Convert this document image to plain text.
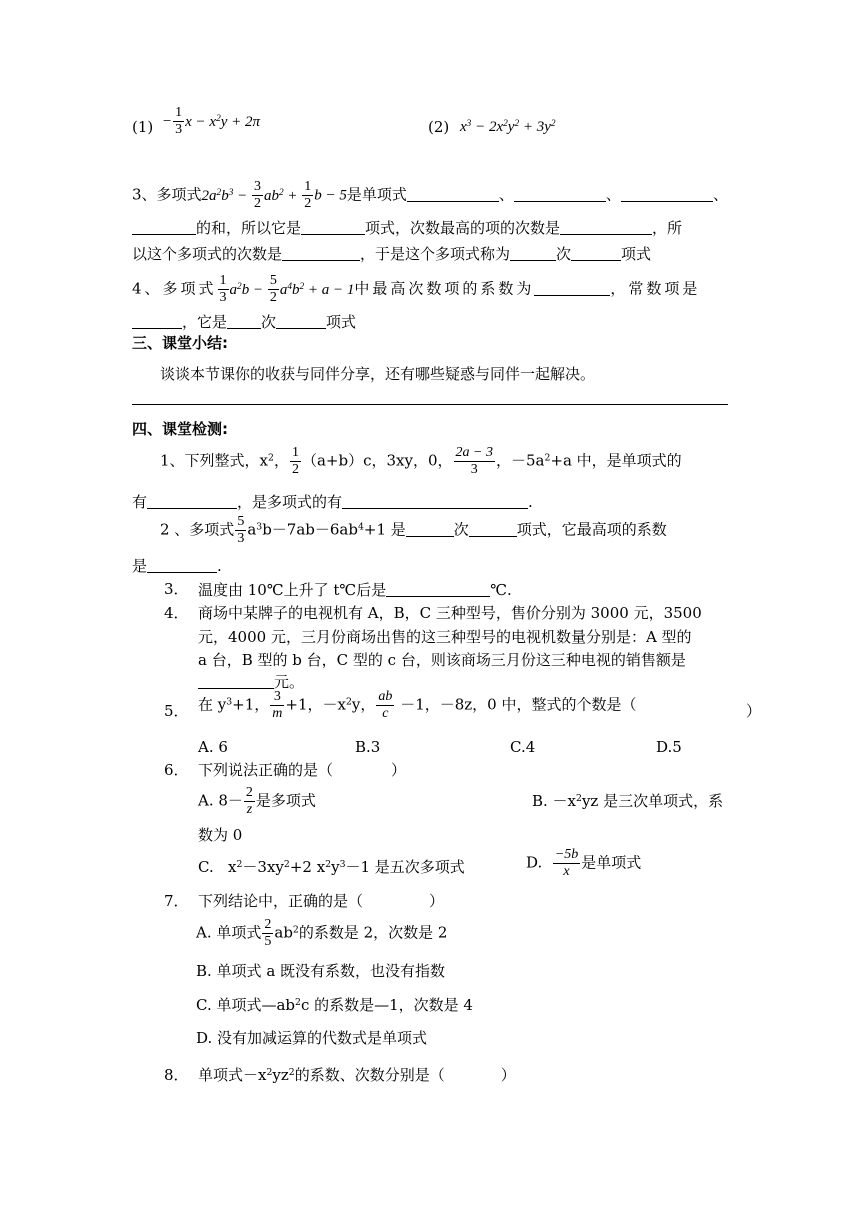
$(1) - \frac{1}{3}$ $x - x^2y + 2\pi$	(2) $x^3 - 2x^2y^2 + 3y^2$
3、多项式$2a^2b^3 - \frac{3}{2} ab^2 + \frac{1}{2}$ b − 5是单项式	、	、	、
的和，所以它是	项式，次数最高的项的次数是	，所
以这个多项式的次数是	，于是这个多项式称为	次	项式
4、多项式 $\frac{1}{3} a^2b - \frac{5}{2} a^4b^2 + a - 1$中最高次数项的系数为	，常数项是
，它是 次	项式
三、课堂小结:
谈谈本节课你的收获与同伴分享，还有哪些疑惑与同伴一起解决。
四、课堂检测:
1、下列整式，$x^2$， $\frac{1}{2} (a+b)c$，3xy，0， $\frac{2a - 3}{3}$ ，$-5a^2+a$ 中，是单项式的
有	，是多项式的有	.
2 、多项式 $\frac{5}{3} a^3b-7ab-6ab^4+1$ 是	次	项式，它最高项的系数
是	.
3． 温度由 10℃上升了 t℃后是	℃.
4． 商场中某牌子的电视机有 A，B，C 三种型号，售价分别为 3000 元，3500
元，4000 元，三月份商场出售的这三种型号的电视机数量分别是：A 型的
a 台，B 型的 b 台，C 型的 c 台，则该商场三月份这三种电视的销售额是
元。
5． 在 $y^3+1$， $\frac{3}{m} +1$，$-x^2y$， $\frac{ab}{c} -1$，－8z，0 中，整式的个数是（	）
A. 6	B.3	C.4	D.5
6． 下列说法正确的是（	）
A. $8- \frac{2}{z}$ 是多项式	B. $-x^2yz$ 是三次单项式，系
数为 0
C.   $x^2-3xy^2+2$ $x^2y^3-1$ 是五次多项式	D. $\frac{-5b}{x}$ 是单项式
7． 下列结论中，正确的是（	）
A. 单项式 $\frac{2}{5} ab^2$的系数是 2，次数是 2
B. 单项式 a 既没有系数，也没有指数
C. 单项式$—ab^2c$ 的系数是—1，次数是 4
D. 没有加减运算的代数式是单项式
8． 单项式$-x^2yz^2$的系数、次数分别是（	）
